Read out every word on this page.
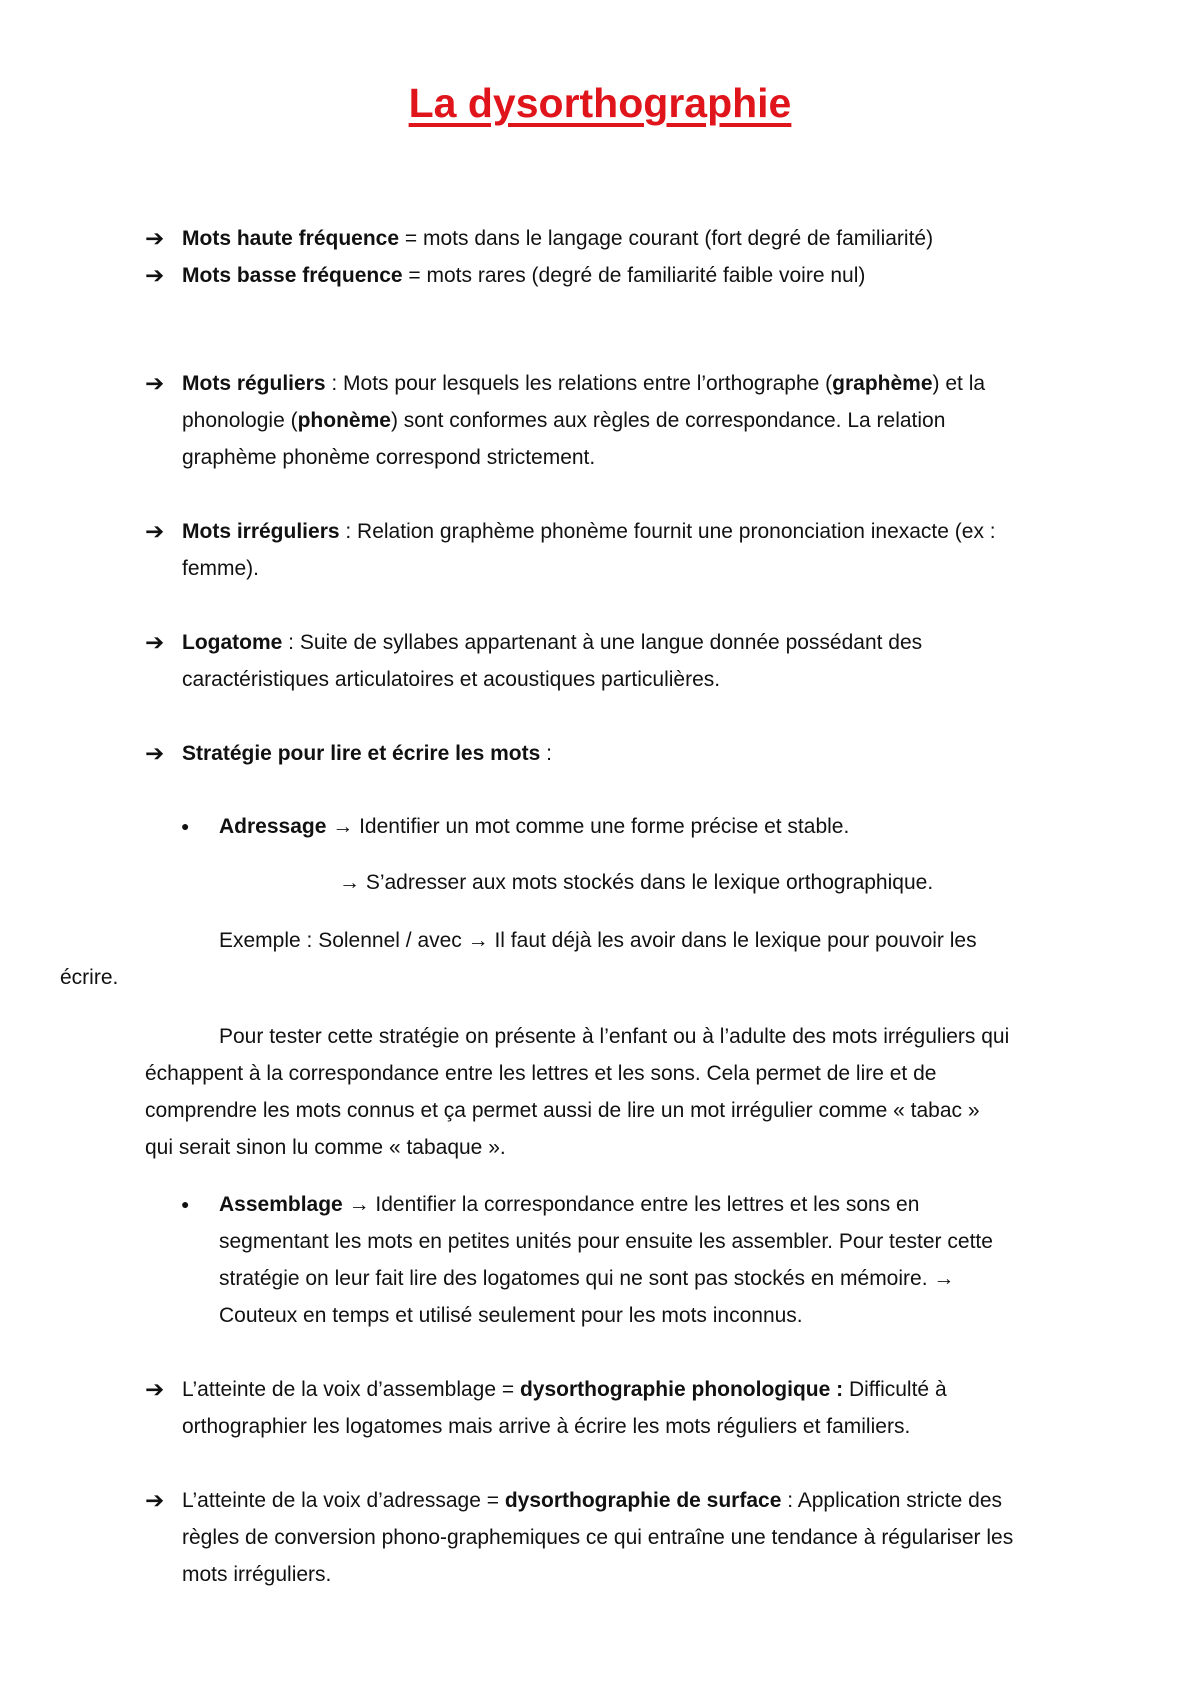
La dysorthographie
➔ Mots haute fréquence = mots dans le langage courant (fort degré de familiarité)
➔ Mots basse fréquence = mots rares (degré de familiarité faible voire nul)
➔ Mots réguliers : Mots pour lesquels les relations entre l’orthographe (graphème) et la
phonologie (phonème) sont conformes aux règles de correspondance. La relation
graphème phonème correspond strictement.
➔ Mots irréguliers : Relation graphème phonème fournit une prononciation inexacte (ex :
femme).
➔ Logatome : Suite de syllabes appartenant à une langue donnée possédant des
caractéristiques articulatoires et acoustiques particulières.
➔ Stratégie pour lire et écrire les mots :
● Adressage → Identifier un mot comme une forme précise et stable.
→ S’adresser aux mots stockés dans le lexique orthographique.
Exemple : Solennel / avec → Il faut déjà les avoir dans le lexique pour pouvoir les
écrire.
Pour tester cette stratégie on présente à l’enfant ou à l’adulte des mots irréguliers qui
échappent à la correspondance entre les lettres et les sons. Cela permet de lire et de
comprendre les mots connus et ça permet aussi de lire un mot irrégulier comme « tabac »
qui serait sinon lu comme « tabaque ».
● Assemblage → Identifier la correspondance entre les lettres et les sons en
segmentant les mots en petites unités pour ensuite les assembler. Pour tester cette
stratégie on leur fait lire des logatomes qui ne sont pas stockés en mémoire. →
Couteux en temps et utilisé seulement pour les mots inconnus.
➔ L’atteinte de la voix d’assemblage = dysorthographie phonologique : Difficulté à
orthographier les logatomes mais arrive à écrire les mots réguliers et familiers.
➔ L’atteinte de la voix d’adressage = dysorthographie de surface : Application stricte des
règles de conversion phono-graphemiques ce qui entraîne une tendance à régulariser les
mots irréguliers.
